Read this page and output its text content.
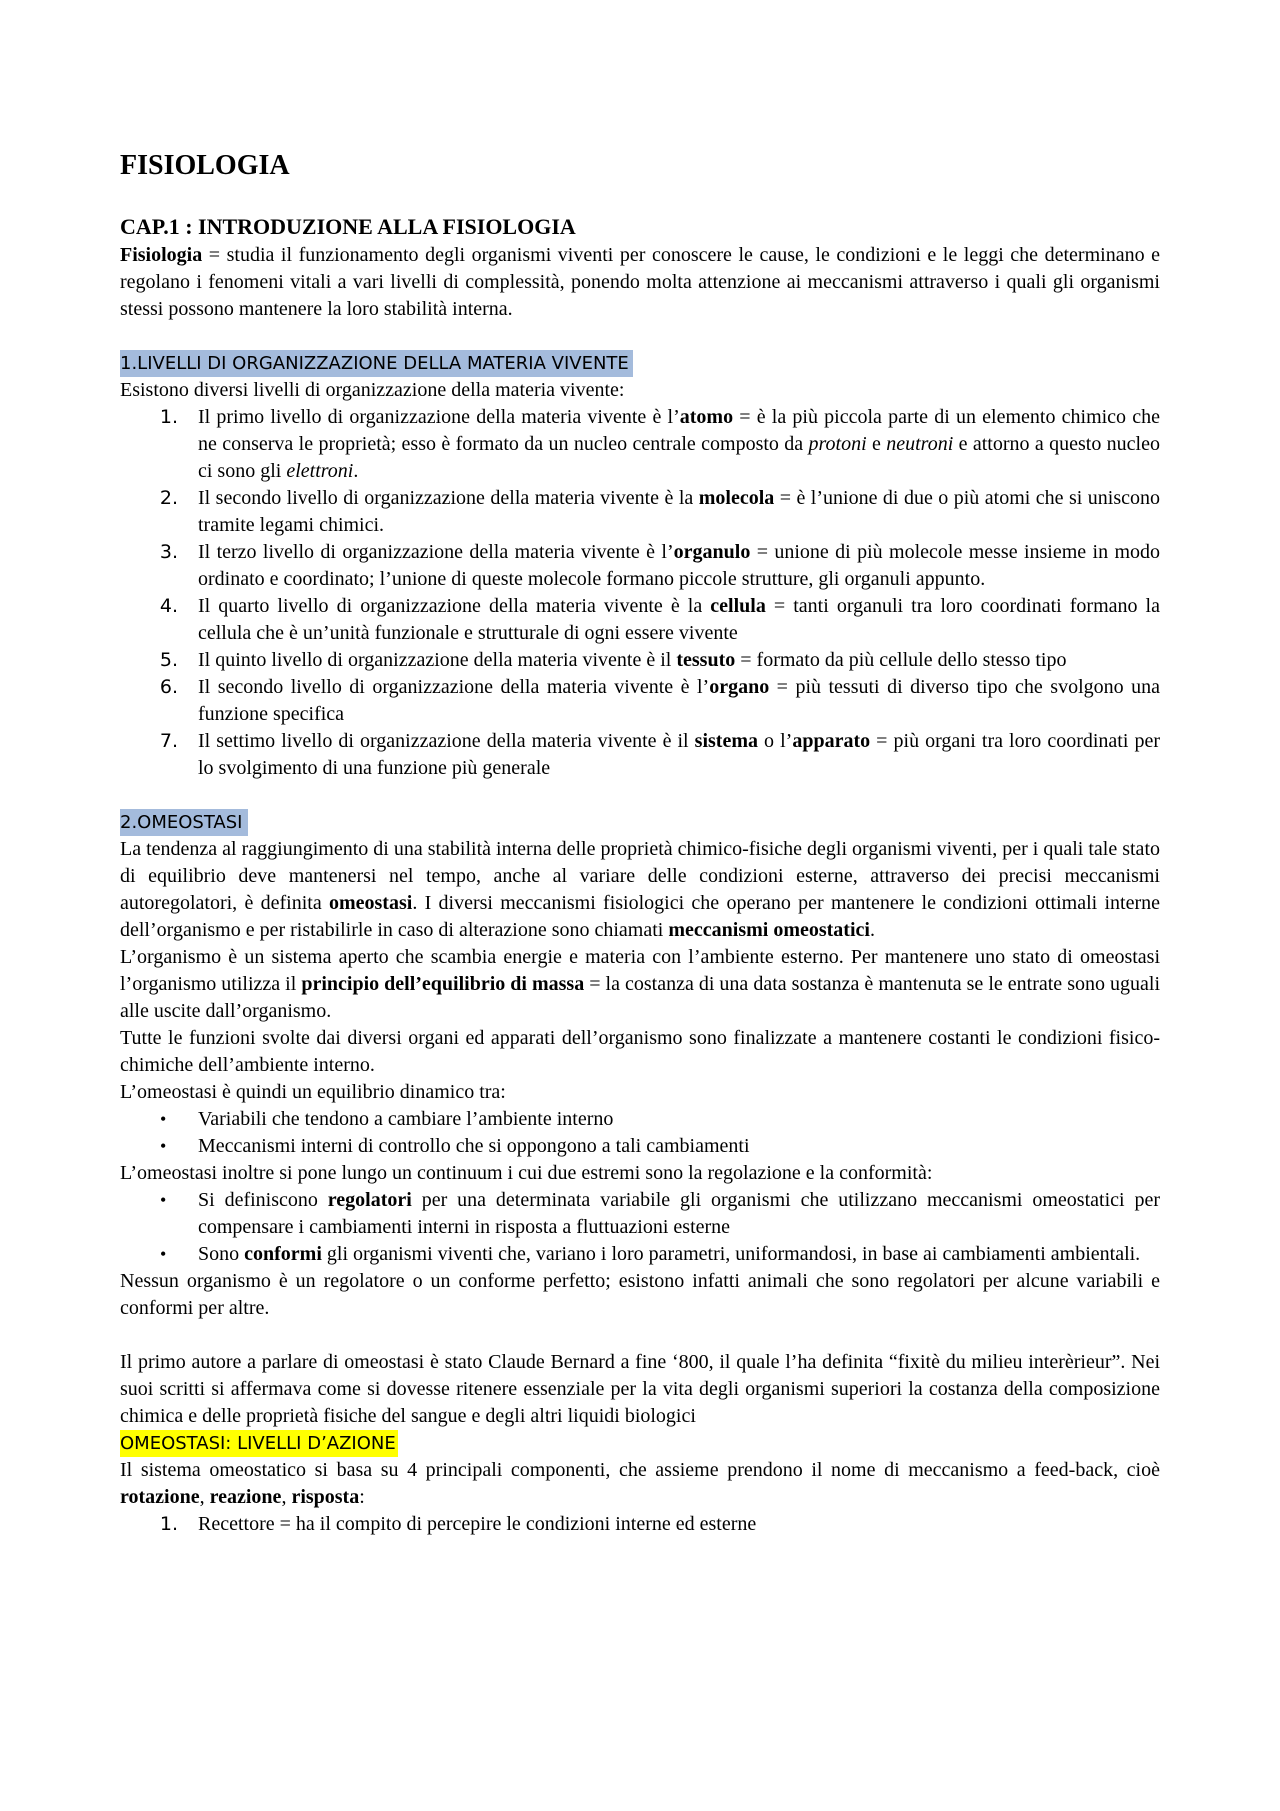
FISIOLOGIA
CAP.1 : INTRODUZIONE ALLA FISIOLOGIA

Fisiologia = studia il funzionamento degli organismi viventi per conoscere le cause, le condizioni e le leggi che determinano e regolano i fenomeni vitali a vari livelli di complessità, ponendo molta attenzione ai meccanismi attraverso i quali gli organismi stessi possono mantenere la loro stabilità interna.

1.LIVELLI DI ORGANIZZAZIONE DELLA MATERIA VIVENTE

Esistono diversi livelli di organizzazione della materia vivente:

1. Il primo livello di organizzazione della materia vivente è l’atomo = è la più piccola parte di un elemento chimico che ne conserva le proprietà; esso è formato da un nucleo centrale composto da protoni e neutroni e attorno a questo nucleo ci sono gli elettroni.
2. Il secondo livello di organizzazione della materia vivente è la molecola = è l’unione di due o più atomi che si uniscono tramite legami chimici.
3. Il terzo livello di organizzazione della materia vivente è l’organulo = unione di più molecole messe insieme in modo ordinato e coordinato; l’unione di queste molecole formano piccole strutture, gli organuli appunto.
4. Il quarto livello di organizzazione della materia vivente è la cellula = tanti organuli tra loro coordinati formano la cellula che è un’unità funzionale e strutturale di ogni essere vivente
5. Il quinto livello di organizzazione della materia vivente è il tessuto = formato da più cellule dello stesso tipo
6. Il secondo livello di organizzazione della materia vivente è l’organo = più tessuti di diverso tipo che svolgono una funzione specifica
7. Il settimo livello di organizzazione della materia vivente è il sistema o l’apparato = più organi tra loro coordinati per lo svolgimento di una funzione più generale
2.OMEOSTASI

La tendenza al raggiungimento di una stabilità interna delle proprietà chimico-fisiche degli organismi viventi, per i quali tale stato di equilibrio deve mantenersi nel tempo, anche al variare delle condizioni esterne, attraverso dei precisi meccanismi autoregolatori, è definita omeostasi. I diversi meccanismi fisiologici che operano per mantenere le condizioni ottimali interne dell’organismo e per ristabilirle in caso di alterazione sono chiamati meccanismi omeostatici.

L’organismo è un sistema aperto che scambia energie e materia con l’ambiente esterno. Per mantenere uno stato di omeostasi l’organismo utilizza il principio dell’equilibrio di massa = la costanza di una data sostanza è mantenuta se le entrate sono uguali alle uscite dall’organismo.

Tutte le funzioni svolte dai diversi organi ed apparati dell’organismo sono finalizzate a mantenere costanti le condizioni fisico-chimiche dell’ambiente interno.

L’omeostasi è quindi un equilibrio dinamico tra:

• Variabili che tendono a cambiare l’ambiente interno
• Meccanismi interni di controllo che si oppongono a tali cambiamenti

L’omeostasi inoltre si pone lungo un continuum i cui due estremi sono la regolazione e la conformità:

• Si definiscono regolatori per una determinata variabile gli organismi che utilizzano meccanismi omeostatici per compensare i cambiamenti interni in risposta a fluttuazioni esterne
• Sono conformi gli organismi viventi che, variano i loro parametri, uniformandosi, in base ai cambiamenti ambientali.

Nessun organismo è un regolatore o un conforme perfetto; esistono infatti animali che sono regolatori per alcune variabili e conformi per altre.

Il primo autore a parlare di omeostasi è stato Claude Bernard a fine ‘800, il quale l’ha definita “fixitè du milieu interèrieur”. Nei suoi scritti si affermava come si dovesse ritenere essenziale per la vita degli organismi superiori la costanza della composizione chimica e delle proprietà fisiche del sangue e degli altri liquidi biologici

OMEOSTASI: LIVELLI D’AZIONE

Il sistema omeostatico si basa su 4 principali componenti, che assieme prendono il nome di meccanismo a feed-back, cioè rotazione, reazione, risposta:

1. Recettore = ha il compito di percepire le condizioni interne ed esterne
